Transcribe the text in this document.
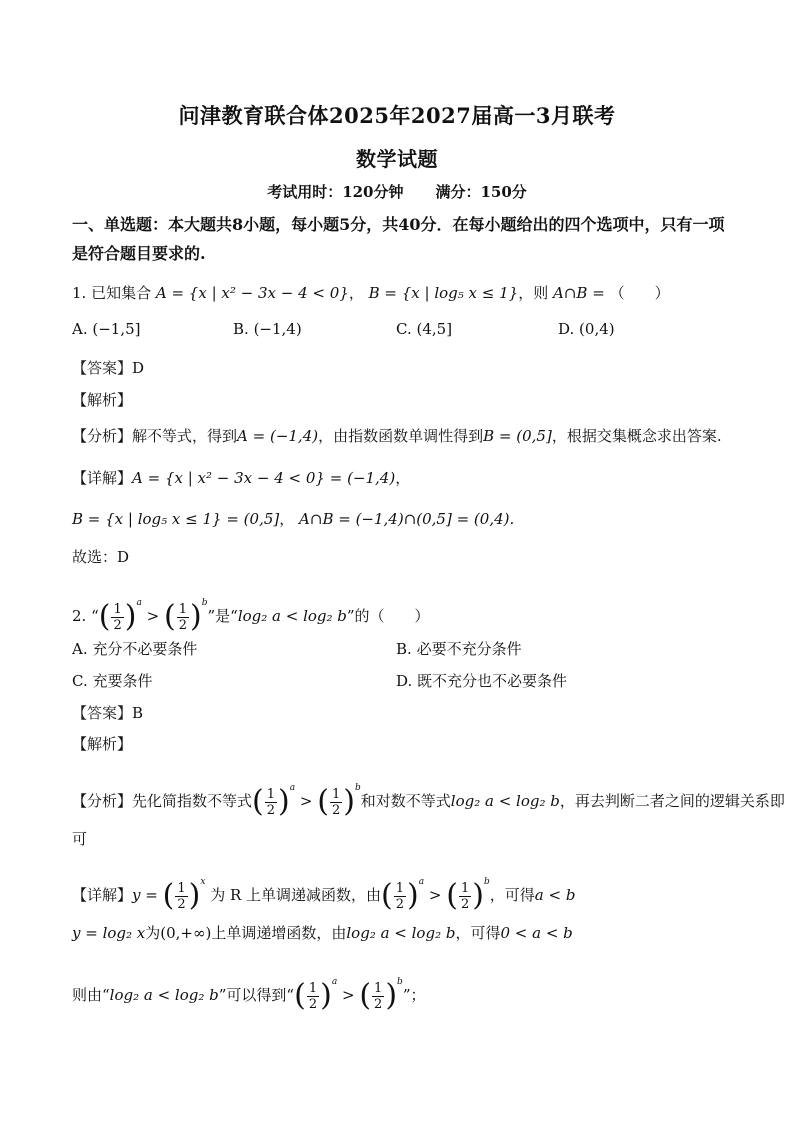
问津教育联合体2025年2027届高一3月联考
数学试题
考试用时：120分钟 满分：150分
一、单选题：本大题共8小题，每小题5分，共40分．在每小题给出的四个选项中，只有一项是符合题目要求的.
1. 已知集合 A = {x | x² − 3x − 4 < 0}， B = {x | log₅ x ≤ 1}，则 A∩B = （　　）
A. (−1,5]	B. (−1,4)	C. (4,5]	D. (0,4)
【答案】D
【解析】
【分析】解不等式，得到A = (−1,4)，由指数函数单调性得到B = (0,5]，根据交集概念求出答案.
【详解】A = {x | x² − 3x − 4 < 0} = (−1,4)，
B = {x | log₅ x ≤ 1} = (0,5]， A∩B = (−1,4)∩(0,5] = (0,4).
故选：D
2. “( $\frac{1}{2} )^a$ > ( $\frac{1}{2} )^b$”是“log₂ a < log₂ b”的（　　）
A. 充分不必要条件	B. 必要不充分条件
C. 充要条件	D. 既不充分也不必要条件
【答案】B
【解析】
【分析】先化简指数不等式( $\frac{1}{2} )^a$ > ( $\frac{1}{2} )^b$和对数不等式log₂ a < log₂ b，再去判断二者之间的逻辑关系即
可
【详解】y = ( $\frac{1}{2} )^x$ 为 R 上单调递减函数，由( $\frac{1}{2} )^a$ > ( $\frac{1}{2} )^b$，可得a < b
y = log₂ x为(0,+∞)上单调递增函数，由log₂ a < log₂ b，可得0 < a < b
则由“log₂ a < log₂ b”可以得到“( $\frac{1}{2} )^a$ > ( $\frac{1}{2} )^b$”；
